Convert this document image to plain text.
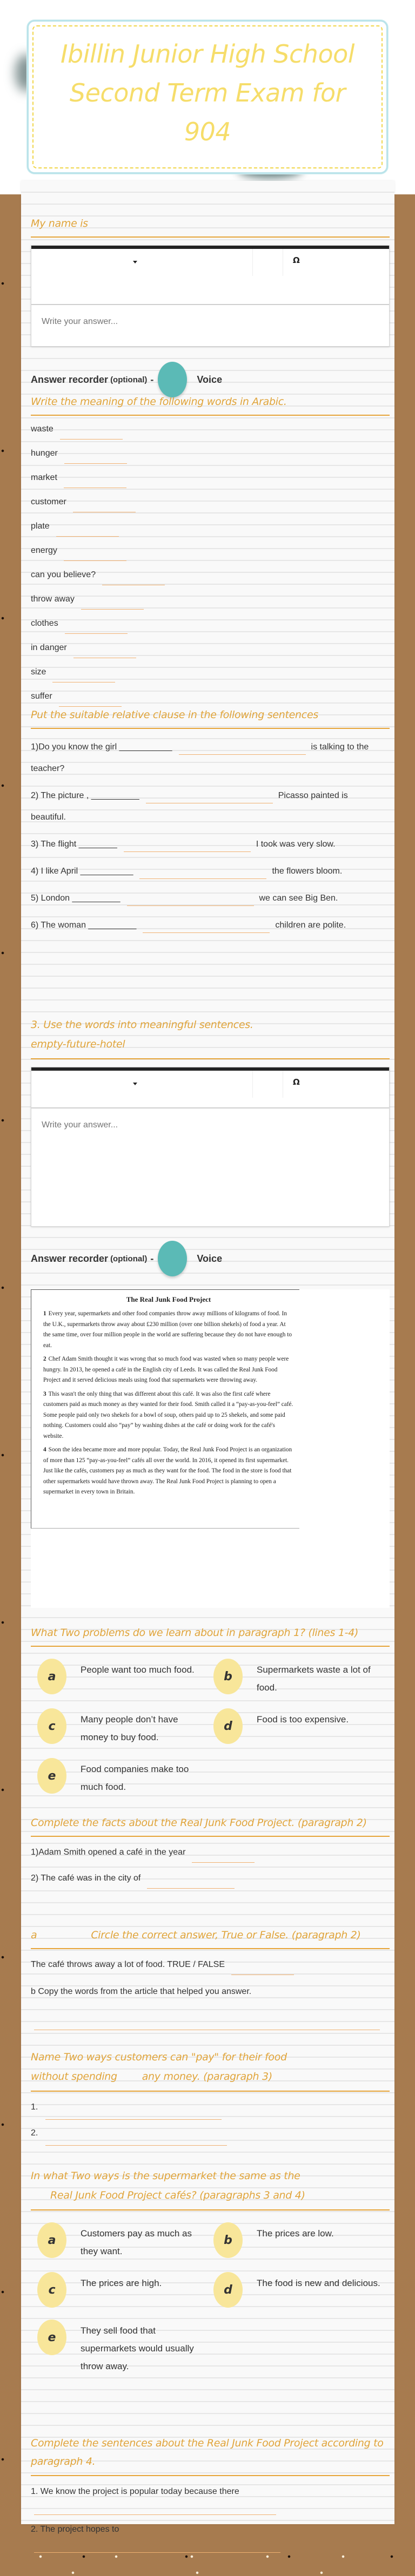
Ibillin Junior High School Second Term Exam for 904
My name is
Ω
Write your answer...
Answer recorder (optional) -	Voice
Write the meaning of the following words in Arabic.
waste
hunger
market
customer
plate
energy
can you believe?
throw away
clothes
in danger
size
suffer
Put the suitable relative clause in the following sentences
1)Do you know the girl ___________	is talking to the teacher?
2) The picture , __________	Picasso painted is beautiful.
3) The flight ________	I took was very slow.
4) I like April ___________	the flowers bloom.
5) London __________	we can see Big Ben.
6) The woman __________	children are polite.
3. Use the words into meaningful sentences.
empty-future-hotel
Ω
Write your answer...
Answer recorder (optional) -	Voice
The Real Junk Food Project

1 Every year, supermarkets and other food companies throw away millions of kilograms of food. In the U.K., supermarkets throw away about £230 million (over one billion shekels) of food a year. At the same time, over four million people in the world are suffering because they do not have enough to eat.

2 Chef Adam Smith thought it was wrong that so much food was wasted when so many people were hungry. In 2013, he opened a café in the English city of Leeds. It was called the Real Junk Food Project and it served delicious meals using food that supermarkets were throwing away.

3 This wasn't the only thing that was different about this café. It was also the first café where customers paid as much money as they wanted for their food. Smith called it a “pay-as-you-feel” café. Some people paid only two shekels for a bowl of soup, others paid up to 25 shekels, and some paid nothing. Customers could also “pay” by washing dishes at the café or doing work for the café's website.

4 Soon the idea became more and more popular. Today, the Real Junk Food Project is an organization of more than 125 “pay-as-you-feel” cafés all over the world. In 2016, it opened its first supermarket. Just like the cafés, customers pay as much as they want for the food. The food in the store is food that other supermarkets would have thrown away. The Real Junk Food Project is planning to open a supermarket in every town in Britain.

What Two problems do we learn about in paragraph 1? (lines 1-4)
a	People want too much food.	b	Supermarkets waste a lot of food.
c	Many people don’t have money to buy food.
d	Food is too expensive.
e	Food companies make too much food.
Complete the facts about the Real Junk Food Project. (paragraph 2)
1)Adam Smith opened a café in the year
2) The café was in the city of
a	Circle the correct answer, True or False. (paragraph 2)
The café throws away a lot of food. TRUE / FALSE
b Copy the words from the article that helped you answer.
Name Two ways customers can "pay" for their food
without spending        any money. (paragraph 3)
1.
2.
In what Two ways is the supermarket the same as the
Real Junk Food Project cafés? (paragraphs 3 and 4)
a	Customers pay as much as they want.
b	The prices are low.
c	The prices are high.	d	The food is new and delicious.
e	They sell food that supermarkets would usually throw away.
Complete the sentences about the Real Junk Food Project according to paragraph 4.
1. We know the project is popular today because there
2. The project hopes to
